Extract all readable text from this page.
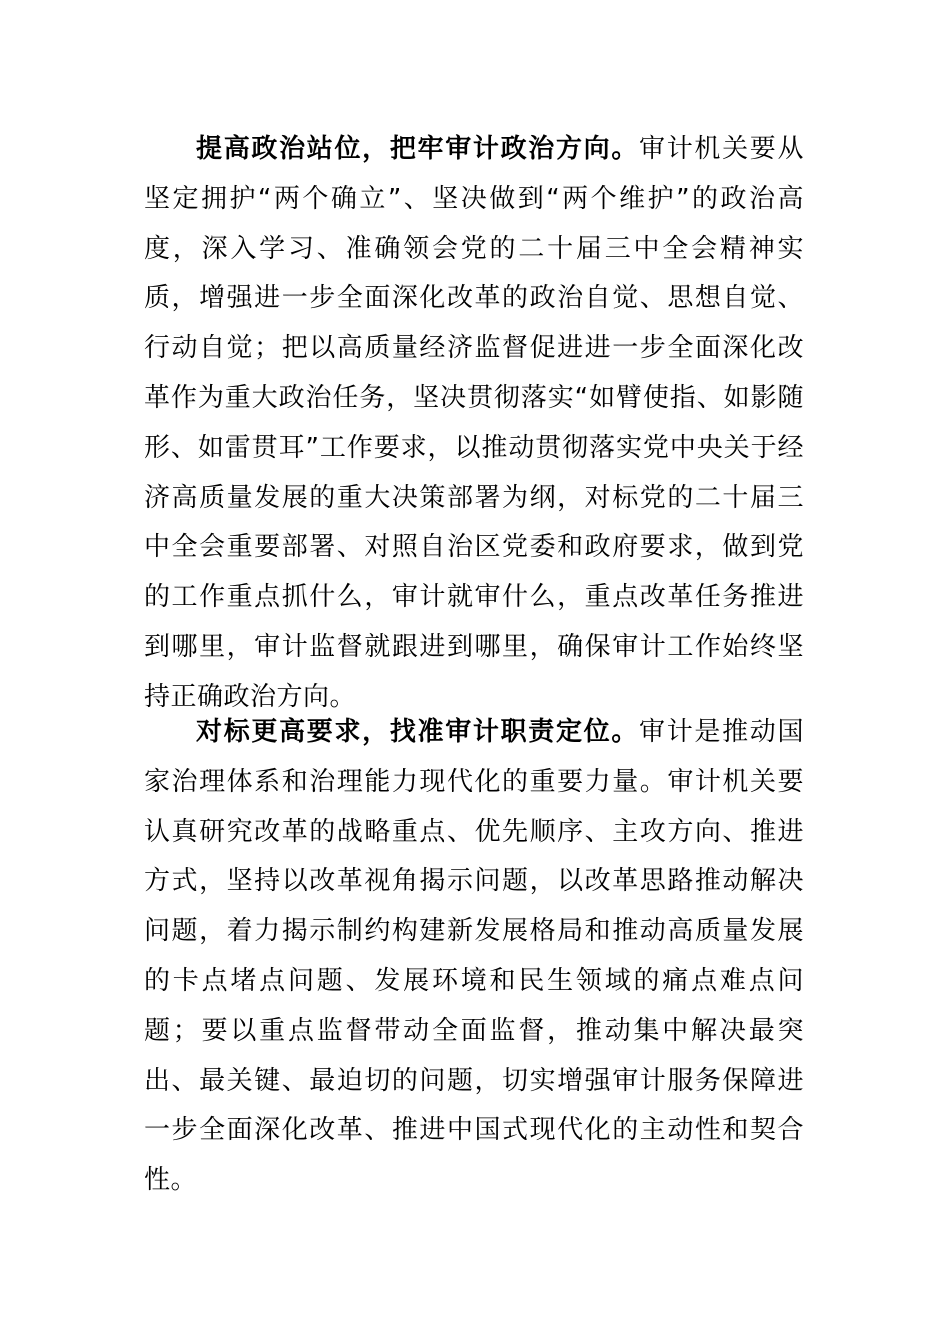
提高政治站位，把牢审计政治方向。审计机关要从坚定拥护“两个确立”、坚决做到“两个维护”的政治高度，深入学习、准确领会党的二十届三中全会精神实质，增强进一步全面深化改革的政治自觉、思想自觉、行动自觉；把以高质量经济监督促进进一步全面深化改革作为重大政治任务，坚决贯彻落实“如臂使指、如影随形、如雷贯耳”工作要求，以推动贯彻落实党中央关于经济高质量发展的重大决策部署为纲，对标党的二十届三中全会重要部署、对照自治区党委和政府要求，做到党的工作重点抓什么，审计就审什么，重点改革任务推进到哪里，审计监督就跟进到哪里，确保审计工作始终坚持正确政治方向。

对标更高要求，找准审计职责定位。审计是推动国家治理体系和治理能力现代化的重要力量。审计机关要认真研究改革的战略重点、优先顺序、主攻方向、推进方式，坚持以改革视角揭示问题，以改革思路推动解决问题，着力揭示制约构建新发展格局和推动高质量发展的卡点堵点问题、发展环境和民生领域的痛点难点问题；要以重点监督带动全面监督，推动集中解决最突出、最关键、最迫切的问题，切实增强审计服务保障进一步全面深化改革、推进中国式现代化的主动性和契合性。
